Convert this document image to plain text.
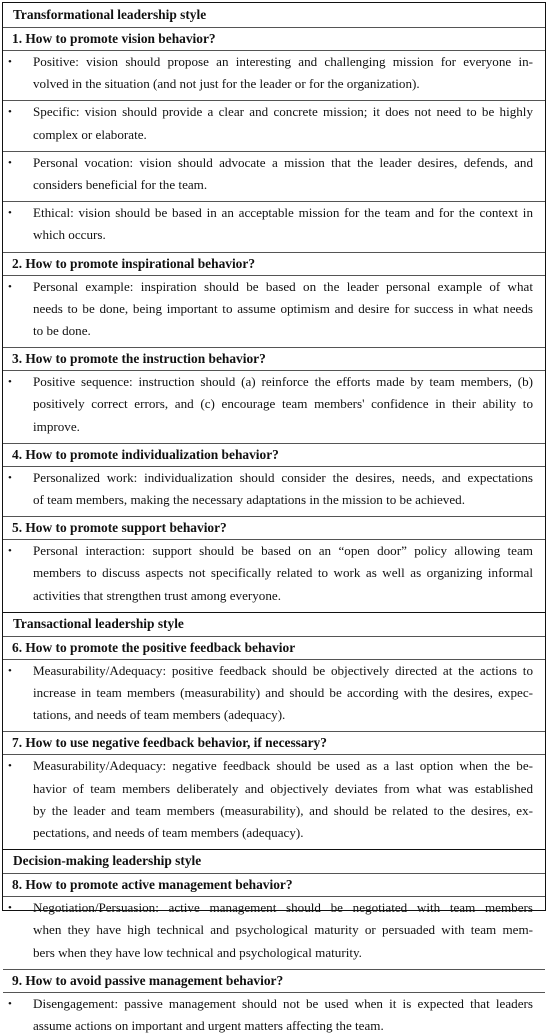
Transformational leadership style
1. How to promote vision behavior?
• Positive: vision should propose an interesting and challenging mission for everyone in-
volved in the situation (and not just for the leader or for the organization).
• Specific: vision should provide a clear and concrete mission; it does not need to be highly
complex or elaborate.
• Personal vocation: vision should advocate a mission that the leader desires, defends, and
considers beneficial for the team.
• Ethical: vision should be based in an acceptable mission for the team and for the context in
which occurs.
2. How to promote inspirational behavior?
• Personal example: inspiration should be based on the leader personal example of what
needs to be done, being important to assume optimism and desire for success in what needs
to be done.
3. How to promote the instruction behavior?
• Positive sequence: instruction should (a) reinforce the efforts made by team members, (b)
positively correct errors, and (c) encourage team members' confidence in their ability to
improve.
4. How to promote individualization behavior?
• Personalized work: individualization should consider the desires, needs, and expectations
of team members, making the necessary adaptations in the mission to be achieved.
5. How to promote support behavior?
• Personal interaction: support should be based on an “open door” policy allowing team
members to discuss aspects not specifically related to work as well as organizing informal
activities that strengthen trust among everyone.
Transactional leadership style
6. How to promote the positive feedback behavior
• Measurability/Adequacy: positive feedback should be objectively directed at the actions to
increase in team members (measurability) and should be according with the desires, expec-
tations, and needs of team members (adequacy).
7. How to use negative feedback behavior, if necessary?
• Measurability/Adequacy: negative feedback should be used as a last option when the be-
havior of team members deliberately and objectively deviates from what was established
by the leader and team members (measurability), and should be related to the desires, ex-
pectations, and needs of team members (adequacy).
Decision-making leadership style
8. How to promote active management behavior?
• Negotiation/Persuasion: active management should be negotiated with team members
when they have high technical and psychological maturity or persuaded with team mem-
bers when they have low technical and psychological maturity.
9. How to avoid passive management behavior?
• Disengagement: passive management should not be used when it is expected that leaders
assume actions on important and urgent matters affecting the team.
